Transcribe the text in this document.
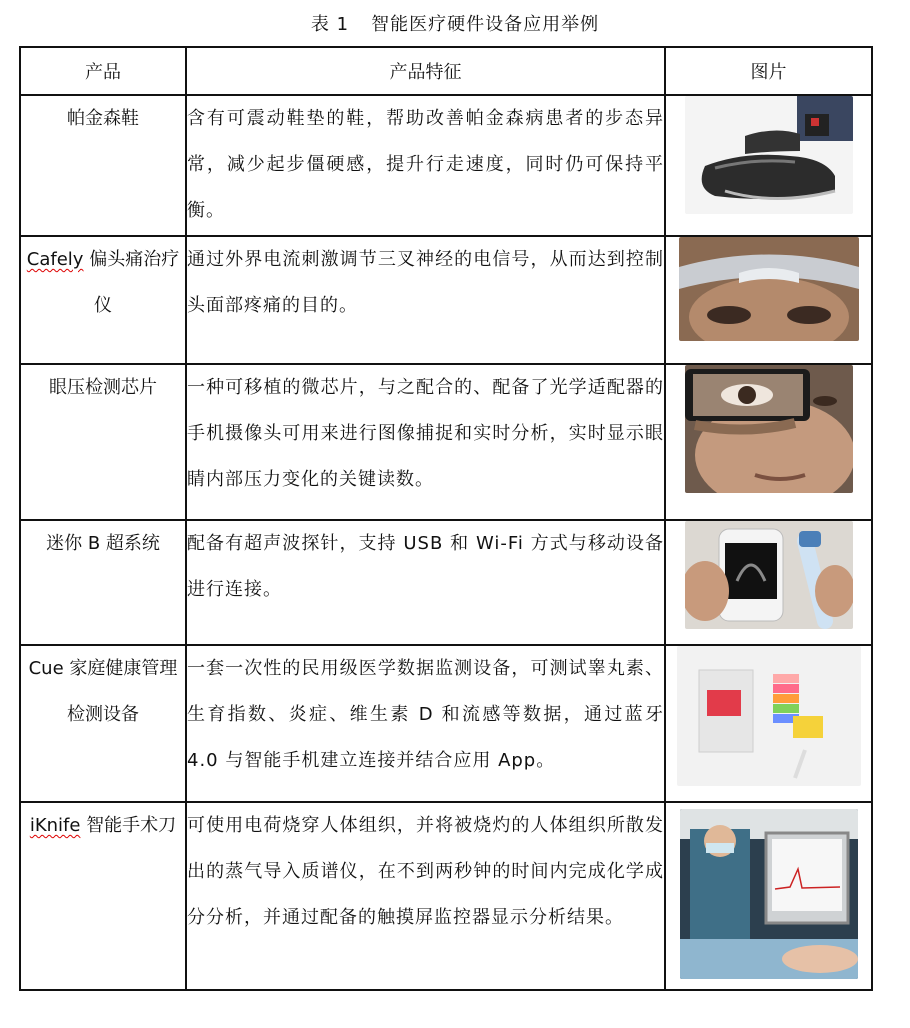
表 1 智能医疗硬件设备应用举例
产品	产品特征	图片
帕金森鞋	含有可震动鞋垫的鞋，帮助改善帕金森病患者的步态异常，减少起步僵硬感，提升行走速度，同时仍可保持平衡。	

Cafely 偏头痛治疗仪	通过外界电流刺激调节三叉神经的电信号，从而达到控制头面部疼痛的目的。	

眼压检测芯片	一种可移植的微芯片，与之配合的、配备了光学适配器的手机摄像头可用来进行图像捕捉和实时分析，实时显示眼睛内部压力变化的关键读数。	

迷你 B 超系统	配备有超声波探针，支持 USB 和 Wi-Fi 方式与移动设备进行连接。	

Cue 家庭健康管理检测设备	一套一次性的民用级医学数据监测设备，可测试睾丸素、生育指数、炎症、维生素 D 和流感等数据，通过蓝牙 4.0 与智能手机建立连接并结合应用 App。	

iKnife 智能手术刀	可使用电荷烧穿人体组织，并将被烧灼的人体组织所散发出的蒸气导入质谱仪，在不到两秒钟的时间内完成化学成分分析，并通过配备的触摸屏监控器显示分析结果。	
